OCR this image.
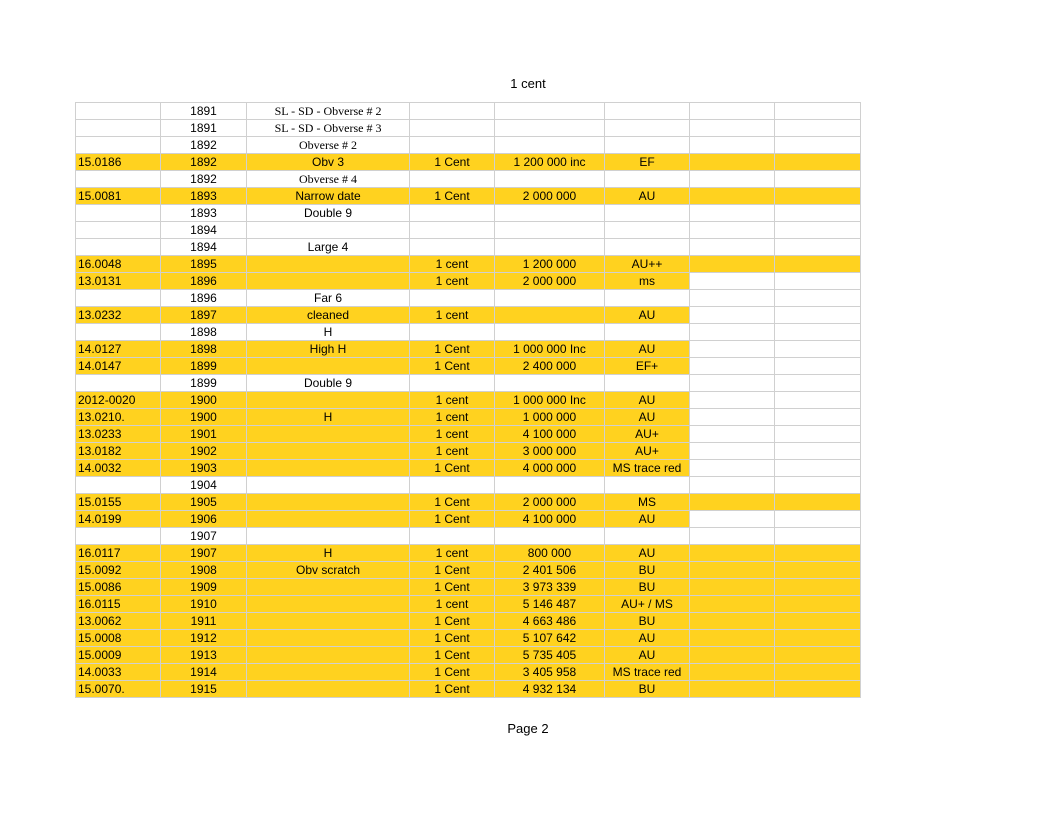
1 cent
	1891	SL - SD - Obverse # 2					
	1891	SL - SD - Obverse # 3					
	1892	Obverse # 2					
15.0186	1892	Obv 3	1 Cent	1 200 000 inc	EF		
	1892	Obverse # 4					
15.0081	1893	Narrow date	1 Cent	2 000 000	AU		
	1893	Double 9					
	1894						
	1894	Large 4					
16.0048	1895		1 cent	1 200 000	AU++		
13.0131	1896		1 cent	2 000 000	ms		
	1896	Far 6					
13.0232	1897	cleaned	1 cent		AU		
	1898	H					
14.0127	1898	High H	1 Cent	1 000 000 Inc	AU		
14.0147	1899		1 Cent	2 400 000	EF+		
	1899	Double 9					
2012-0020	1900		1 cent	1 000 000 Inc	AU		
13.0210.	1900	H	1 cent	1 000 000	AU		
13.0233	1901		1 cent	4 100 000	AU+		
13.0182	1902		1 cent	3 000 000	AU+		
14.0032	1903		1 Cent	4 000 000	MS trace red		
	1904						
15.0155	1905		1 Cent	2 000 000	MS		
14.0199	1906		1 Cent	4 100 000	AU		
	1907						
16.0117	1907	H	1 cent	800 000	AU		
15.0092	1908	Obv scratch	1 Cent	2 401 506	BU		
15.0086	1909		1 Cent	3 973 339	BU		
16.0115	1910		1 cent	5 146 487	AU+ / MS		
13.0062	1911		1 Cent	4 663 486	BU		
15.0008	1912		1 Cent	5 107 642	AU		
15.0009	1913		1 Cent	5 735 405	AU		
14.0033	1914		1 Cent	3 405 958	MS trace red		
15.0070.	1915		1 Cent	4 932 134	BU		
Page 2
